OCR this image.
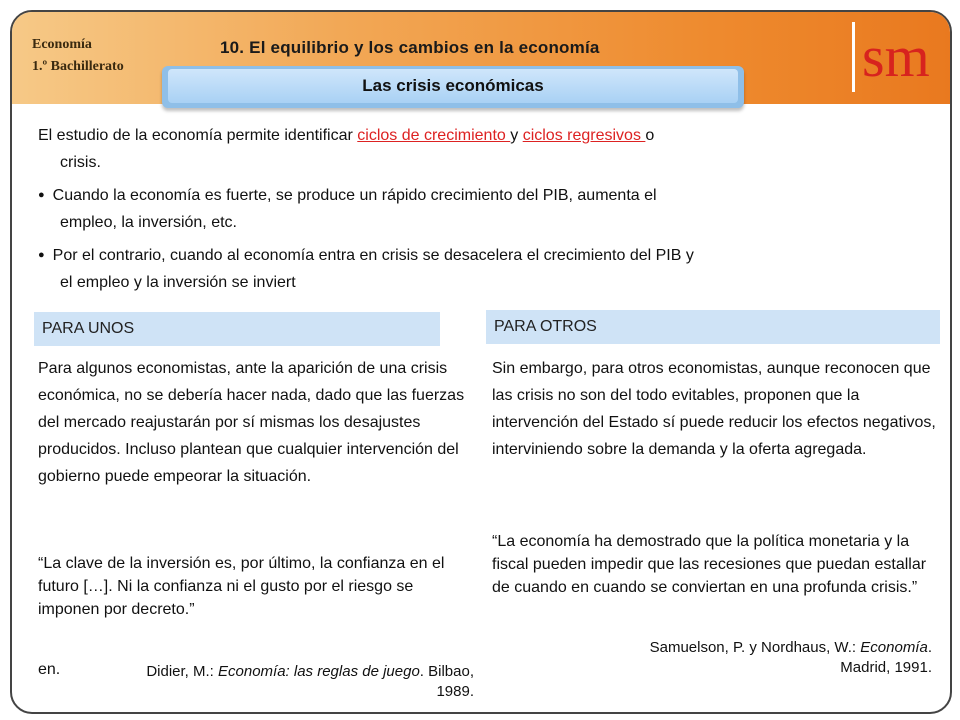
Economía
1.º Bachillerato
10. El equilibrio y los cambios en la economía	sm
Las crisis económicas

El estudio de la economía permite identificar ciclos de crecimiento y ciclos regresivos o

crisis.

● Cuando la economía es fuerte, se produce un rápido crecimiento del PIB, aumenta el

empleo, la inversión, etc.

● Por el contrario, cuando al economía entra en crisis se desacelera el crecimiento del PIB y

el empleo y la inversión se inviert

PARA UNOS

Para algunos economistas, ante la aparición de una crisis económica, no se debería hacer nada, dado que las fuerzas del mercado reajustarán por sí mismas los desajustes producidos. Incluso plantean que cualquier intervención del gobierno puede empeorar la situación.

“La clave de la inversión es, por último, la confianza en el futuro […]. Ni la confianza ni el gusto por el riesgo se imponen por decreto.”

en.	Didier, M.: Economía: las reglas de juego. Bilbao,
1989.
PARA OTROS

Sin embargo, para otros economistas, aunque reconocen que las crisis no son del todo evitables, proponen que la intervención del Estado sí puede reducir los efectos negativos, interviniendo sobre la demanda y la oferta agregada.

“La economía ha demostrado que la política monetaria y la fiscal pueden impedir que las recesiones que puedan estallar de cuando en cuando se conviertan en una profunda crisis.”

Samuelson, P. y Nordhaus, W.: Economía.
Madrid, 1991.
